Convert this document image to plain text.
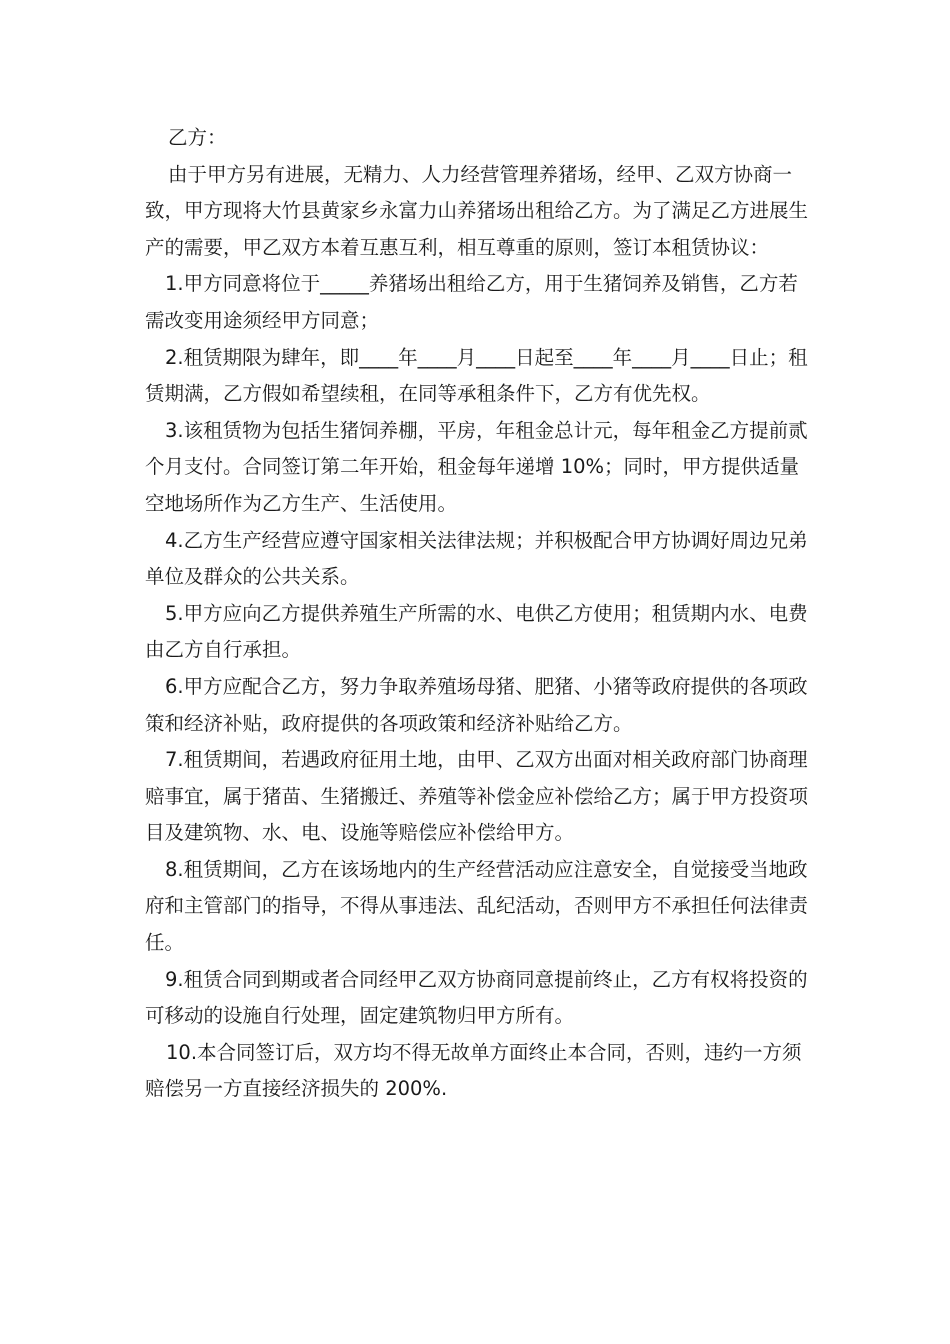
乙方：

由于甲方另有进展，无精力、人力经营管理养猪场，经甲、乙双方协商一致，甲方现将大竹县黄家乡永富力山养猪场出租给乙方。为了满足乙方进展生产的需要，甲乙双方本着互惠互利，相互尊重的原则，签订本租赁协议：

1.甲方同意将位于_____养猪场出租给乙方，用于生猪饲养及销售，乙方若需改变用途须经甲方同意；

2.租赁期限为肆年，即____年____月____日起至____年____月____日止；租赁期满，乙方假如希望续租，在同等承租条件下，乙方有优先权。

3.该租赁物为包括生猪饲养棚，平房，年租金总计元，每年租金乙方提前贰个月支付。合同签订第二年开始，租金每年递增 10%；同时，甲方提供适量空地场所作为乙方生产、生活使用。

4.乙方生产经营应遵守国家相关法律法规；并积极配合甲方协调好周边兄弟单位及群众的公共关系。

5.甲方应向乙方提供养殖生产所需的水、电供乙方使用；租赁期内水、电费由乙方自行承担。

6.甲方应配合乙方，努力争取养殖场母猪、肥猪、小猪等政府提供的各项政策和经济补贴，政府提供的各项政策和经济补贴给乙方。

7.租赁期间，若遇政府征用土地，由甲、乙双方出面对相关政府部门协商理赔事宜，属于猪苗、生猪搬迁、养殖等补偿金应补偿给乙方；属于甲方投资项目及建筑物、水、电、设施等赔偿应补偿给甲方。

8.租赁期间，乙方在该场地内的生产经营活动应注意安全，自觉接受当地政府和主管部门的指导，不得从事违法、乱纪活动，否则甲方不承担任何法律责任。

9.租赁合同到期或者合同经甲乙双方协商同意提前终止，乙方有权将投资的可移动的设施自行处理，固定建筑物归甲方所有。

10.本合同签订后，双方均不得无故单方面终止本合同，否则，违约一方须赔偿另一方直接经济损失的 200%.
